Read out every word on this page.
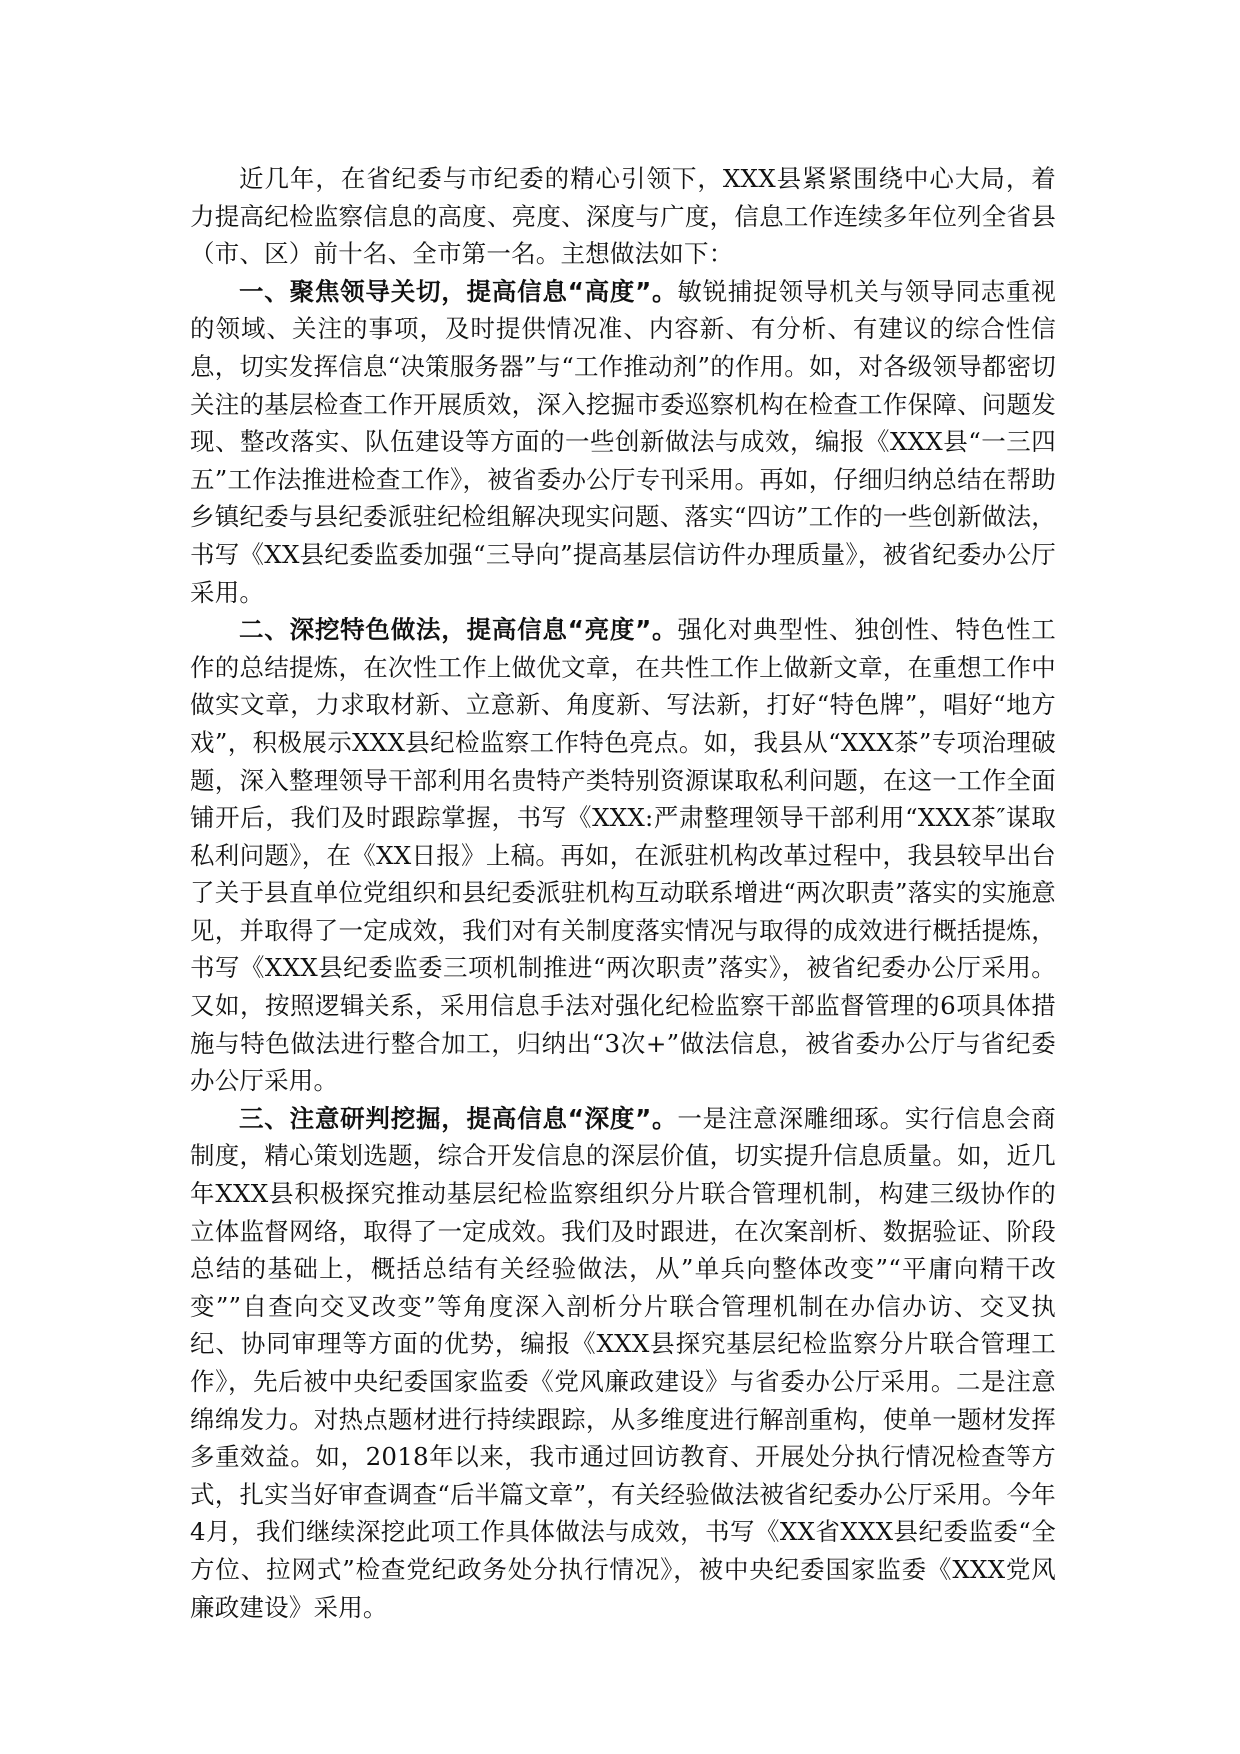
近几年，在省纪委与市纪委的精心引领下，XXX县紧紧围绕中心大局，着力提高纪检监察信息的高度、亮度、深度与广度，信息工作连续多年位列全省县（市、区）前十名、全市第一名。主想做法如下：

一、聚焦领导关切，提高信息“高度”。敏锐捕捉领导机关与领导同志重视的领域、关注的事项，及时提供情况准、内容新、有分析、有建议的综合性信息，切实发挥信息“决策服务器”与“工作推动剂”的作用。如，对各级领导都密切关注的基层检查工作开展质效，深入挖掘市委巡察机构在检查工作保障、问题发现、整改落实、队伍建设等方面的一些创新做法与成效，编报《XXX县“一三四五”工作法推进检查工作》，被省委办公厅专刊采用。再如，仔细归纳总结在帮助乡镇纪委与县纪委派驻纪检组解决现实问题、落实“四访”工作的一些创新做法，书写《XX县纪委监委加强“三导向”提高基层信访件办理质量》，被省纪委办公厅采用。

二、深挖特色做法，提高信息“亮度”。强化对典型性、独创性、特色性工作的总结提炼，在次性工作上做优文章，在共性工作上做新文章，在重想工作中做实文章，力求取材新、立意新、角度新、写法新，打好“特色牌”，唱好“地方戏”，积极展示XXX县纪检监察工作特色亮点。如，我县从“XXX茶”专项治理破题，深入整理领导干部利用名贵特产类特别资源谋取私利问题，在这一工作全面铺开后，我们及时跟踪掌握，书写《XXX:严肃整理领导干部利用“XXX茶″谋取私利问题》，在《XX日报》上稿。再如，在派驻机构改革过程中，我县较早出台了关于县直单位党组织和县纪委派驻机构互动联系增进“两次职责”落实的实施意见，并取得了一定成效，我们对有关制度落实情况与取得的成效进行概括提炼，书写《XXX县纪委监委三项机制推进“两次职责”落实》，被省纪委办公厅采用。又如，按照逻辑关系，采用信息手法对强化纪检监察干部监督管理的6项具体措施与特色做法进行整合加工，归纳出“3次+”做法信息，被省委办公厅与省纪委办公厅采用。

三、注意研判挖掘，提高信息“深度”。一是注意深雕细琢。实行信息会商制度，精心策划选题，综合开发信息的深层价值，切实提升信息质量。如，近几年XXX县积极探究推动基层纪检监察组织分片联合管理机制，构建三级协作的立体监督网络，取得了一定成效。我们及时跟进，在次案剖析、数据验证、阶段总结的基础上，概括总结有关经验做法，从”单兵向整体改变”“平庸向精干改变””自查向交叉改变”等角度深入剖析分片联合管理机制在办信办访、交叉执纪、协同审理等方面的优势，编报《XXX县探究基层纪检监察分片联合管理工作》，先后被中央纪委国家监委《党风廉政建设》与省委办公厅采用。二是注意绵绵发力。对热点题材进行持续跟踪，从多维度进行解剖重构，使单一题材发挥多重效益。如，2018年以来，我市通过回访教育、开展处分执行情况检查等方式，扎实当好审查调查“后半篇文章”，有关经验做法被省纪委办公厅采用。今年4月，我们继续深挖此项工作具体做法与成效，书写《XX省XXX县纪委监委“全方位、拉网式”检查党纪政务处分执行情况》，被中央纪委国家监委《XXX党风廉政建设》采用。
